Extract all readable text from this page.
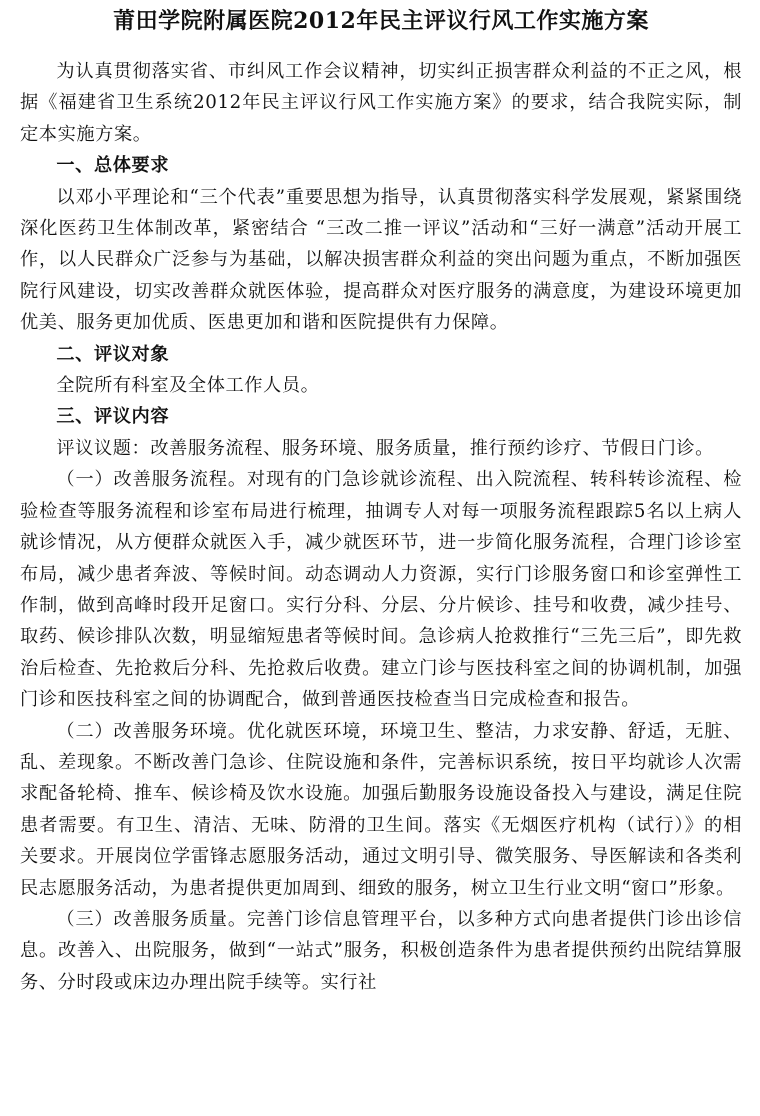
莆田学院附属医院2012年民主评议行风工作实施方案

为认真贯彻落实省、市纠风工作会议精神，切实纠正损害群众利益的不正之风，根据《福建省卫生系统2012年民主评议行风工作实施方案》的要求，结合我院实际，制定本实施方案。

一、总体要求

以邓小平理论和“三个代表”重要思想为指导，认真贯彻落实科学发展观，紧紧围绕深化医药卫生体制改革，紧密结合 “三改二推一评议”活动和“三好一满意”活动开展工作，以人民群众广泛参与为基础，以解决损害群众利益的突出问题为重点，不断加强医院行风建设，切实改善群众就医体验，提高群众对医疗服务的满意度，为建设环境更加优美、服务更加优质、医患更加和谐和医院提供有力保障。

二、评议对象

全院所有科室及全体工作人员。

三、评议内容

评议议题：改善服务流程、服务环境、服务质量，推行预约诊疗、节假日门诊。

（一）改善服务流程。对现有的门急诊就诊流程、出入院流程、转科转诊流程、检验检查等服务流程和诊室布局进行梳理，抽调专人对每一项服务流程跟踪5名以上病人就诊情况，从方便群众就医入手，减少就医环节，进一步简化服务流程，合理门诊诊室布局，减少患者奔波、等候时间。动态调动人力资源，实行门诊服务窗口和诊室弹性工作制，做到高峰时段开足窗口。实行分科、分层、分片候诊、挂号和收费，减少挂号、取药、候诊排队次数，明显缩短患者等候时间。急诊病人抢救推行“三先三后”，即先救治后检查、先抢救后分科、先抢救后收费。建立门诊与医技科室之间的协调机制，加强门诊和医技科室之间的协调配合，做到普通医技检查当日完成检查和报告。

（二）改善服务环境。优化就医环境，环境卫生、整洁，力求安静、舒适，无脏、乱、差现象。不断改善门急诊、住院设施和条件，完善标识系统，按日平均就诊人次需求配备轮椅、推车、候诊椅及饮水设施。加强后勤服务设施设备投入与建设，满足住院患者需要。有卫生、清洁、无味、防滑的卫生间。落实《无烟医疗机构（试行）》的相关要求。开展岗位学雷锋志愿服务活动，通过文明引导、微笑服务、导医解读和各类利民志愿服务活动，为患者提供更加周到、细致的服务，树立卫生行业文明“窗口”形象。

（三）改善服务质量。完善门诊信息管理平台，以多种方式向患者提供门诊出诊信息。改善入、出院服务，做到“一站式”服务，积极创造条件为患者提供预约出院结算服务、分时段或床边办理出院手续等。实行社
